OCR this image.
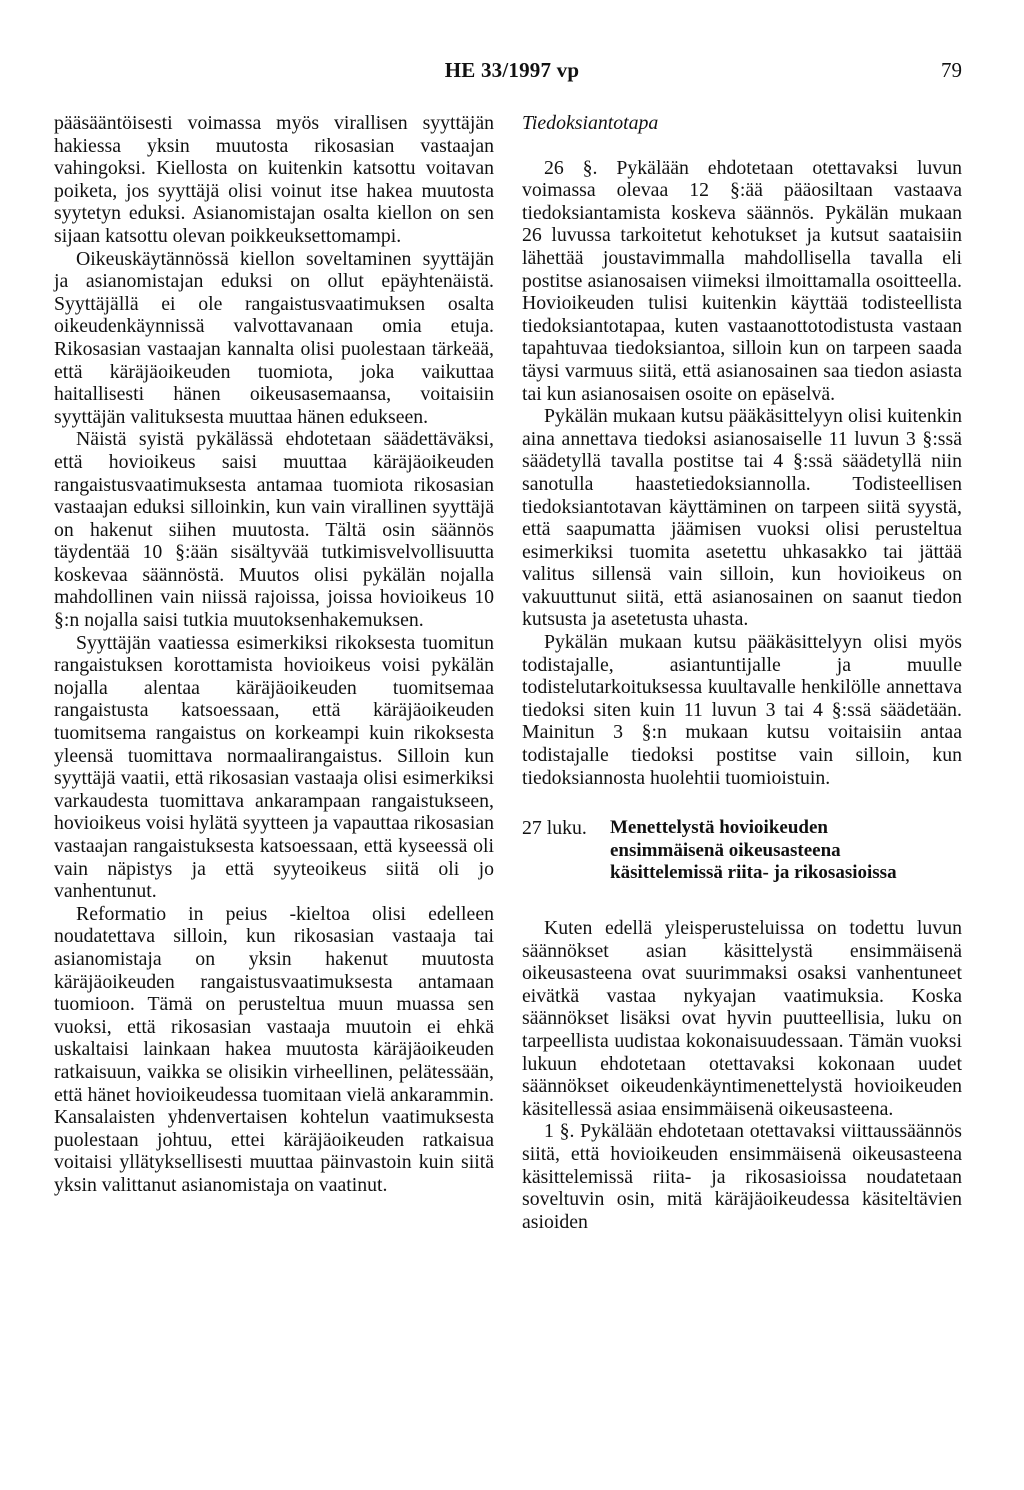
HE 33/1997 vp	79

pääsääntöisesti voimassa myös virallisen syyttäjän hakiessa yksin muutosta rikosasian vastaajan vahingoksi. Kiellosta on kuitenkin katsottu voitavan poiketa, jos syyttäjä olisi voinut itse hakea muutosta syytetyn eduksi. Asianomistajan osalta kiellon on sen sijaan katsottu olevan poikkeuksettomampi.

Oikeuskäytännössä kiellon soveltaminen syyttäjän ja asianomistajan eduksi on ollut epäyhtenäistä. Syyttäjällä ei ole rangaistusvaatimuksen osalta oikeudenkäynnissä valvottavanaan omia etuja. Rikosasian vastaajan kannalta olisi puolestaan tärkeää, että käräjäoikeuden tuomiota, joka vaikuttaa haitallisesti hänen oikeusasemaansa, voitaisiin syyttäjän valituksesta muuttaa hänen edukseen.

Näistä syistä pykälässä ehdotetaan säädettäväksi, että hovioikeus saisi muuttaa käräjäoikeuden rangaistusvaatimuksesta antamaa tuomiota rikosasian vastaajan eduksi silloinkin, kun vain virallinen syyttäjä on hakenut siihen muutosta. Tältä osin säännös täydentää 10 §:ään sisältyvää tutkimisvelvollisuutta koskevaa säännöstä. Muutos olisi pykälän nojalla mahdollinen vain niissä rajoissa, joissa hovioikeus 10 §:n nojalla saisi tutkia muutoksenhakemuksen.

Syyttäjän vaatiessa esimerkiksi rikoksesta tuomitun rangaistuksen korottamista hovioikeus voisi pykälän nojalla alentaa käräjäoikeuden tuomitsemaa rangaistusta katsoessaan, että käräjäoikeuden tuomitsema rangaistus on korkeampi kuin rikoksesta yleensä tuomittava normaalirangaistus. Silloin kun syyttäjä vaatii, että rikosasian vastaaja olisi esimerkiksi varkaudesta tuomittava ankarampaan rangaistukseen, hovioikeus voisi hylätä syytteen ja vapauttaa rikosasian vastaajan rangaistuksesta katsoessaan, että kyseessä oli vain näpistys ja että syyteoikeus siitä oli jo vanhentunut.

Reformatio in peius -kieltoa olisi edelleen noudatettava silloin, kun rikosasian vastaaja tai asianomistaja on yksin hakenut muutosta käräjäoikeuden rangaistusvaatimuksesta antamaan tuomioon. Tämä on perusteltua muun muassa sen vuoksi, että rikosasian vastaaja muutoin ei ehkä uskaltaisi lainkaan hakea muutosta käräjäoikeuden ratkaisuun, vaikka se olisikin virheellinen, pelätessään, että hänet hovioikeudessa tuomitaan vielä ankarammin. Kansalaisten yhdenvertaisen kohtelun vaatimuksesta puolestaan johtuu, ettei käräjäoikeuden ratkaisua voitaisi yllätyksellisesti muuttaa päinvastoin kuin siitä yksin valittanut asianomistaja on vaatinut.

Tiedoksiantotapa

26 §. Pykälään ehdotetaan otettavaksi luvun voimassa olevaa 12 §:ää pääosiltaan vastaava tiedoksiantamista koskeva säännös. Pykälän mukaan 26 luvussa tarkoitetut kehotukset ja kutsut saataisiin lähettää joustavimmalla mahdollisella tavalla eli postitse asianosaisen viimeksi ilmoittamalla osoitteella. Hovioikeuden tulisi kuitenkin käyttää todisteellista tiedoksiantotapaa, kuten vastaanottotodistusta vastaan tapahtuvaa tiedoksiantoa, silloin kun on tarpeen saada täysi varmuus siitä, että asianosainen saa tiedon asiasta tai kun asianosaisen osoite on epäselvä.

Pykälän mukaan kutsu pääkäsittelyyn olisi kuitenkin aina annettava tiedoksi asianosaiselle 11 luvun 3 §:ssä säädetyllä tavalla postitse tai 4 §:ssä säädetyllä niin sanotulla haastetiedoksiannolla. Todisteellisen tiedoksiantotavan käyttäminen on tarpeen siitä syystä, että saapumatta jäämisen vuoksi olisi perusteltua esimerkiksi tuomita asetettu uhkasakko tai jättää valitus sillensä vain silloin, kun hovioikeus on vakuuttunut siitä, että asianosainen on saanut tiedon kutsusta ja asetetusta uhasta.

Pykälän mukaan kutsu pääkäsittelyyn olisi myös todistajalle, asiantuntijalle ja muulle todistelutarkoituksessa kuultavalle henkilölle annettava tiedoksi siten kuin 11 luvun 3 tai 4 §:ssä säädetään. Mainitun 3 §:n mukaan kutsu voitaisiin antaa todistajalle tiedoksi postitse vain silloin, kun tiedoksiannosta huolehtii tuomioistuin.

27 luku.	Menettelystä hovioikeuden
ensimmäisenä oikeusasteena
käsittelemissä riita- ja rikosasioissa

Kuten edellä yleisperusteluissa on todettu luvun säännökset asian käsittelystä ensimmäisenä oikeusasteena ovat suurimmaksi osaksi vanhentuneet eivätkä vastaa nykyajan vaatimuksia. Koska säännökset lisäksi ovat hyvin puutteellisia, luku on tarpeellista uudistaa kokonaisuudessaan. Tämän vuoksi lukuun ehdotetaan otettavaksi kokonaan uudet säännökset oikeudenkäyntimenettelystä hovioikeuden käsitellessä asiaa ensimmäisenä oikeusasteena.

1 §. Pykälään ehdotetaan otettavaksi viittaussäännös siitä, että hovioikeuden ensimmäisenä oikeusasteena käsittelemissä riita- ja rikosasioissa noudatetaan soveltuvin osin, mitä käräjäoikeudessa käsiteltävien asioiden
